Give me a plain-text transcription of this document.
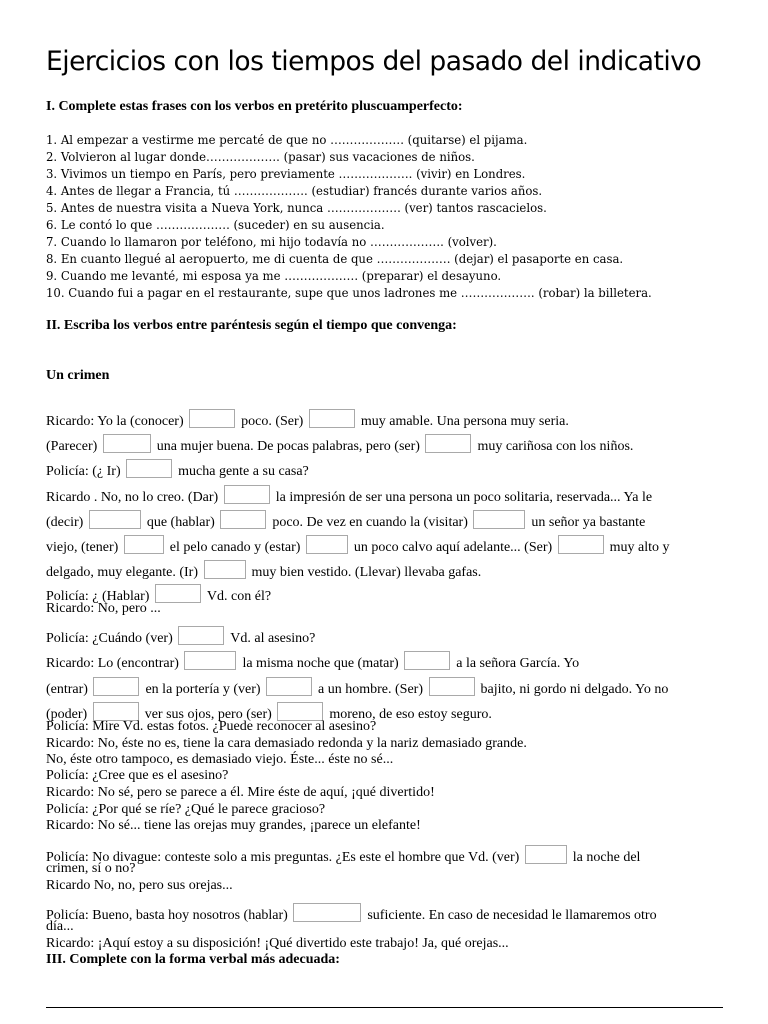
Ejercicios con los tiempos del pasado del indicativo

I. Complete estas frases con los verbos en pretérito pluscuamperfecto:

1. Al empezar a vestirme me percaté de que no ………………. (quitarse) el pijama.
2. Volvieron al lugar donde………………. (pasar) sus vacaciones de niños.
3. Vivimos un tiempo en París, pero previamente ………………. (vivir) en Londres.
4. Antes de llegar a Francia, tú ………………. (estudiar) francés durante varios años.
5. Antes de nuestra visita a Nueva York, nunca ………………. (ver) tantos rascacielos.
6. Le contó lo que ………………. (suceder) en su ausencia.
7. Cuando lo llamaron por teléfono, mi hijo todavía no ………………. (volver).
8. En cuanto llegué al aeropuerto, me di cuenta de que ………………. (dejar) el pasaporte en casa.
9. Cuando me levanté, mi esposa ya me ………………. (preparar) el desayuno.
10. Cuando fui a pagar en el restaurante, supe que unos ladrones me ………………. (robar) la billetera.

II. Escriba los verbos entre paréntesis según el tiempo que convenga:

Un crimen

Ricardo: Yo la (conocer)	poco. (Ser)	muy amable. Una persona muy seria.
(Parecer)	una mujer buena. De pocas palabras, pero (ser)	muy cariñosa con los niños.
Policía: (¿ Ir)	mucha gente a su casa?
Ricardo . No, no lo creo. (Dar)	la impresión de ser una persona un poco solitaria, reservada... Ya le
(decir)	que (hablar)	poco. De vez en cuando la (visitar)	un señor ya bastante
viejo, (tener)	el pelo canado y (estar)	un poco calvo aquí adelante... (Ser)	muy alto y
delgado, muy elegante. (Ir)	muy bien vestido. (Llevar) llevaba gafas.
Policía: ¿ (Hablar)	Vd. con él?
Ricardo: No, pero ...
Policía: ¿Cuándo (ver)	Vd. al asesino?
Ricardo: Lo (encontrar)	la misma noche que (matar)	a la señora García. Yo
(entrar)	en la portería y (ver)	a un hombre. (Ser)	bajito, ni gordo ni delgado. Yo no
(poder)	ver sus ojos, pero (ser)	moreno, de eso estoy seguro.
Policía: Mire Vd. estas fotos. ¿Puede reconocer al asesino?
Ricardo: No, éste no es, tiene la cara demasiado redonda y la nariz demasiado grande.
No, éste otro tampoco, es demasiado viejo. Éste... éste no sé...
Policía: ¿Cree que es el asesino?
Ricardo: No sé, pero se parece a él. Mire éste de aquí, ¡qué divertido!
Policía: ¿Por qué se ríe? ¿Qué le parece gracioso?
Ricardo: No sé... tiene las orejas muy grandes, ¡parece un elefante!
Policía: No divague: conteste solo a mis preguntas. ¿Es este el hombre que Vd. (ver)	la noche del
crimen, sí o no?
Ricardo No, no, pero sus orejas...
Policía: Bueno, basta hoy nosotros (hablar)	suficiente. En caso de necesidad le llamaremos otro
día...
Ricardo: ¡Aquí estoy a su disposición! ¡Qué divertido este trabajo! Ja, qué orejas...

III. Complete con la forma verbal más adecuada:
